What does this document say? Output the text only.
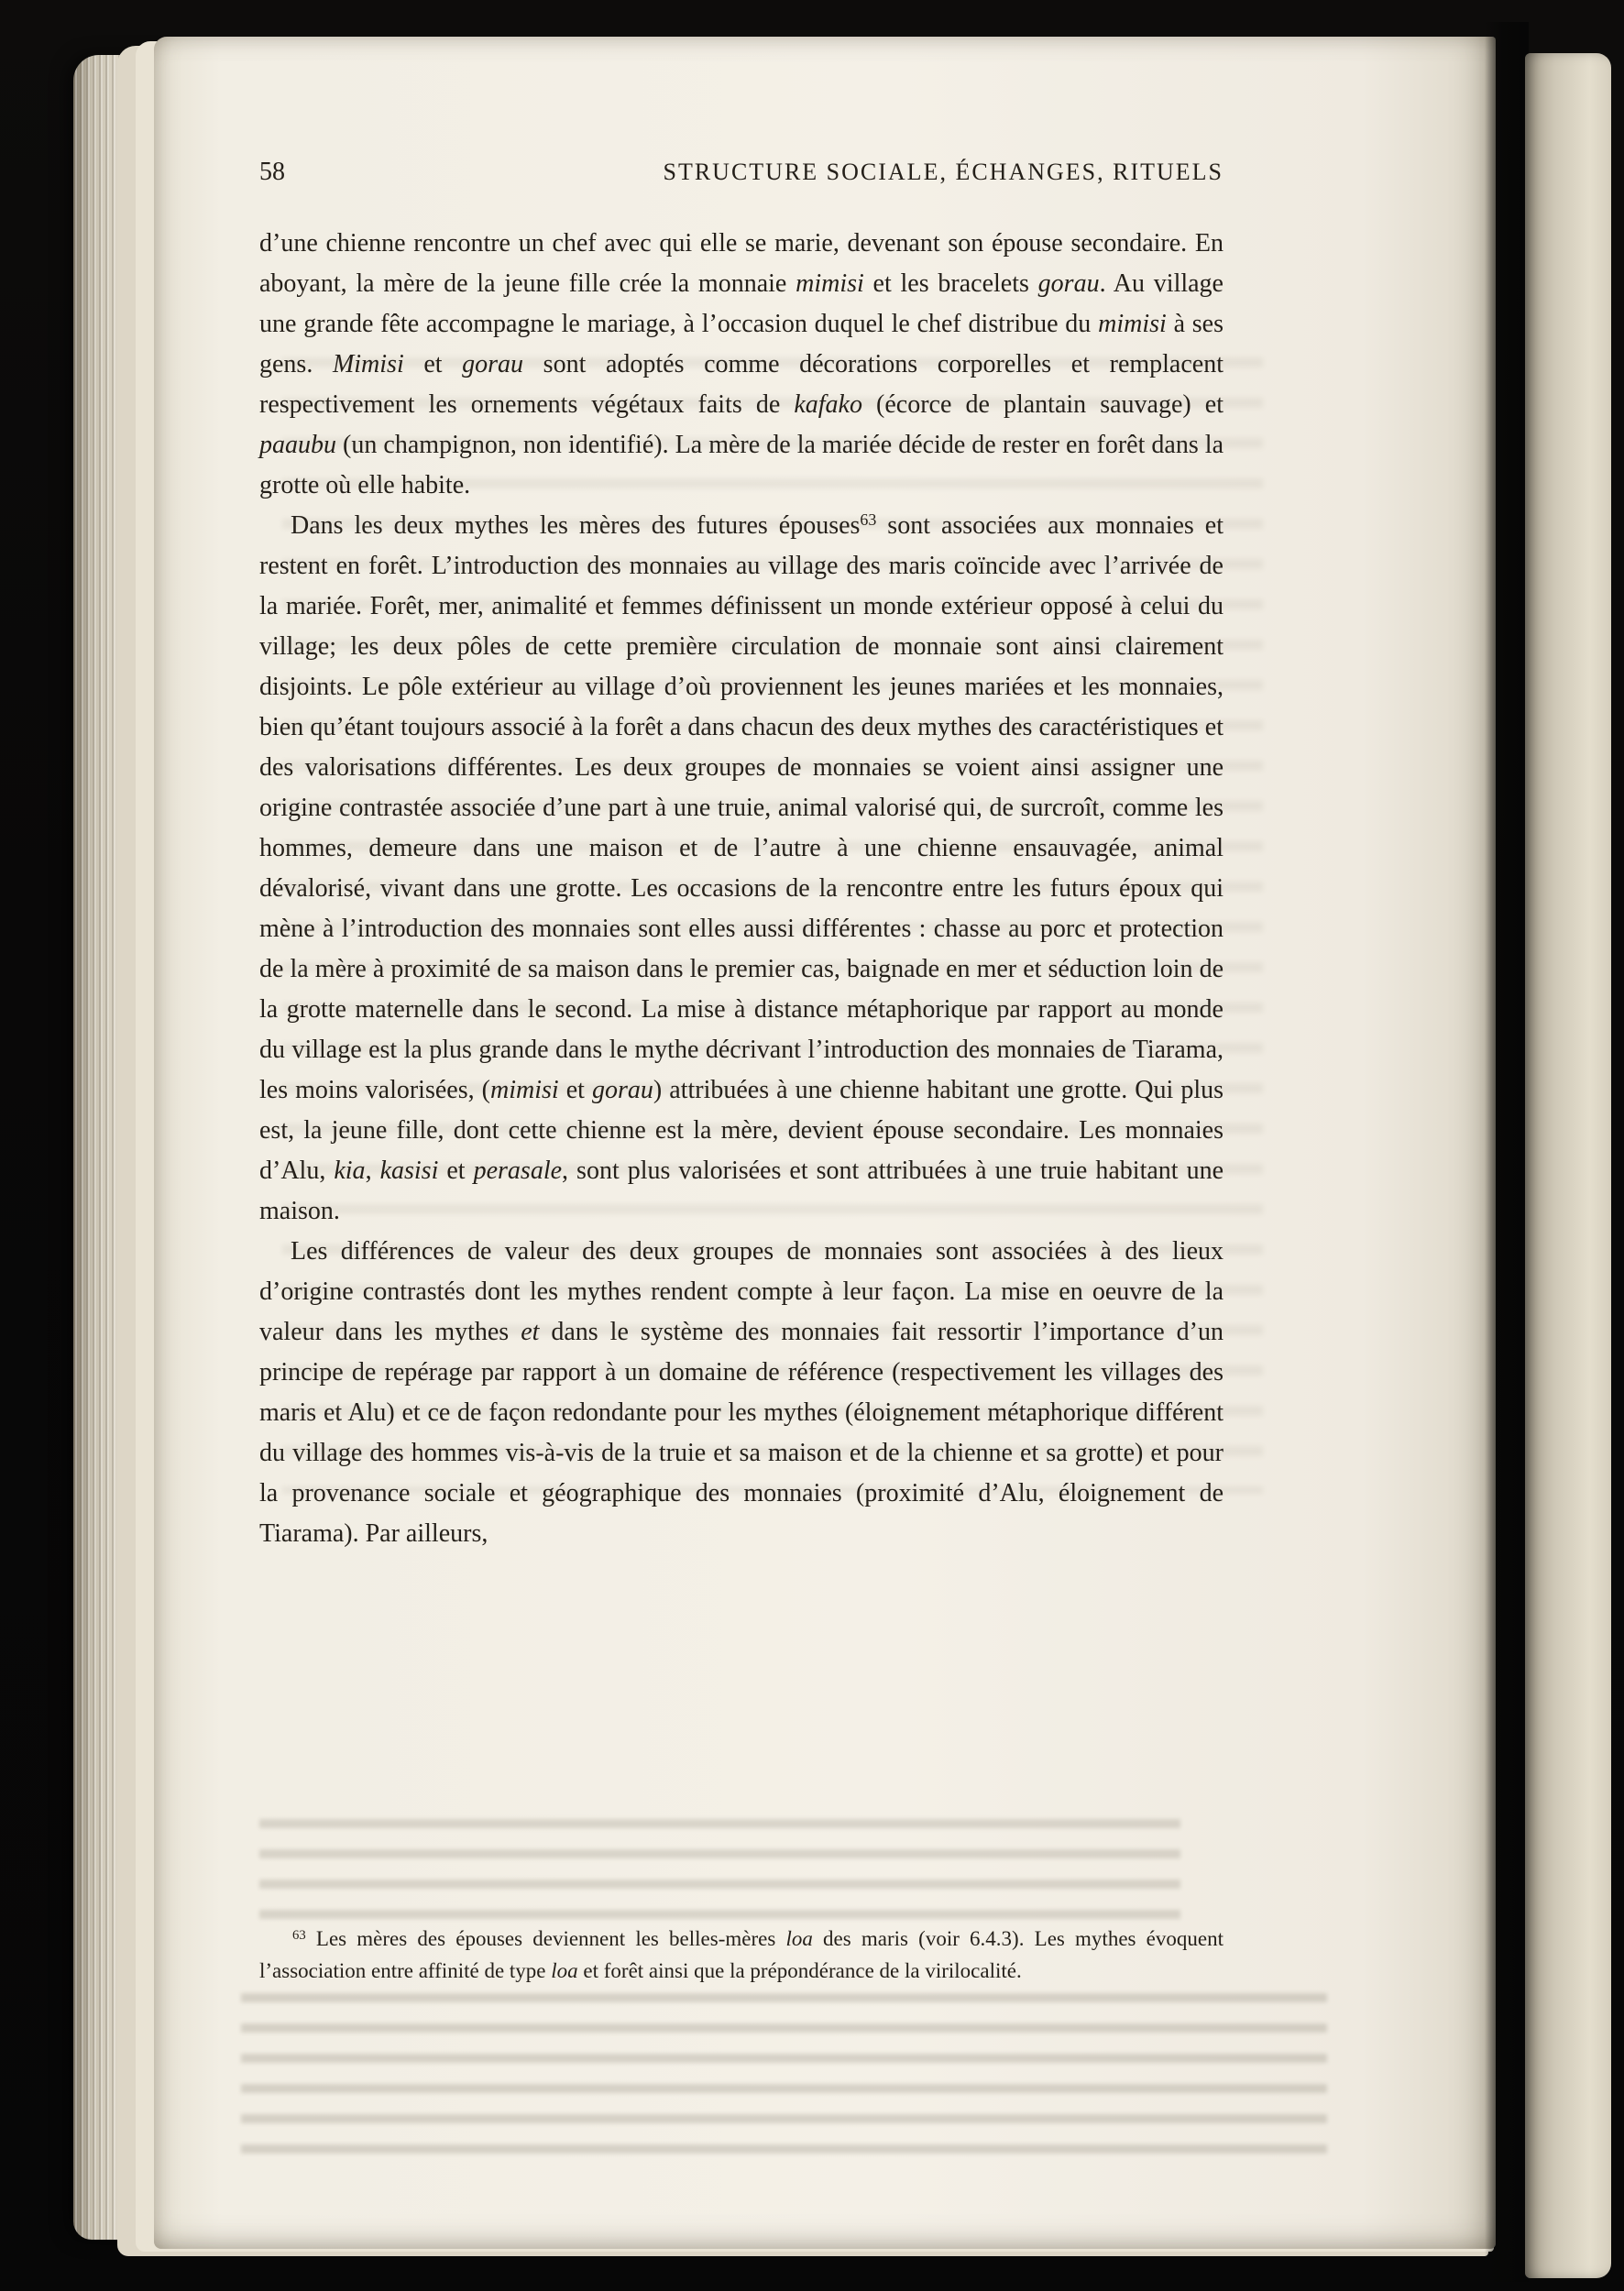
58	STRUCTURE SOCIALE, ÉCHANGES, RITUELS

d’une chienne rencontre un chef avec qui elle se marie, devenant son épouse secondaire. En aboyant, la mère de la jeune fille crée la monnaie mimisi et les bracelets gorau. Au village une grande fête accompagne le mariage, à l’occasion duquel le chef distribue du mimisi à ses gens. Mimisi et gorau sont adoptés comme décorations corporelles et remplacent respectivement les ornements végétaux faits de kafako (écorce de plantain sauvage) et paaubu (un champignon, non identifié). La mère de la mariée décide de rester en forêt dans la grotte où elle habite.

Dans les deux mythes les mères des futures épouses$^{63}$ sont associées aux monnaies et restent en forêt. L’introduction des monnaies au village des maris coïncide avec l’arrivée de la mariée. Forêt, mer, animalité et femmes définissent un monde extérieur opposé à celui du village; les deux pôles de cette première circulation de monnaie sont ainsi clairement disjoints. Le pôle extérieur au village d’où proviennent les jeunes mariées et les monnaies, bien qu’étant toujours associé à la forêt a dans chacun des deux mythes des caractéristiques et des valorisations différentes. Les deux groupes de monnaies se voient ainsi assigner une origine contrastée associée d’une part à une truie, animal valorisé qui, de surcroît, comme les hommes, demeure dans une maison et de l’autre à une chienne ensauvagée, animal dévalorisé, vivant dans une grotte. Les occasions de la rencontre entre les futurs époux qui mène à l’introduction des monnaies sont elles aussi différentes : chasse au porc et protection de la mère à proximité de sa maison dans le premier cas, baignade en mer et séduction loin de la grotte maternelle dans le second. La mise à distance métaphorique par rapport au monde du village est la plus grande dans le mythe décrivant l’introduction des monnaies de Tiarama, les moins valorisées, (mimisi et gorau) attribuées à une chienne habitant une grotte. Qui plus est, la jeune fille, dont cette chienne est la mère, devient épouse secondaire. Les monnaies d’Alu, kia, kasisi et perasale, sont plus valorisées et sont attribuées à une truie habitant une maison.

Les différences de valeur des deux groupes de monnaies sont associées à des lieux d’origine contrastés dont les mythes rendent compte à leur façon. La mise en oeuvre de la valeur dans les mythes et dans le système des monnaies fait ressortir l’importance d’un principe de repérage par rapport à un domaine de référence (respectivement les villages des maris et Alu) et ce de façon redondante pour les mythes (éloignement métaphorique différent du village des hommes vis-à-vis de la truie et sa maison et de la chienne et sa grotte) et pour la provenance sociale et géographique des monnaies (proximité d’Alu, éloignement de Tiarama). Par ailleurs,

$^{63}$ Les mères des épouses deviennent les belles-mères loa des maris (voir 6.4.3). Les mythes évoquent l’association entre affinité de type loa et forêt ainsi que la prépondérance de la virilocalité.
